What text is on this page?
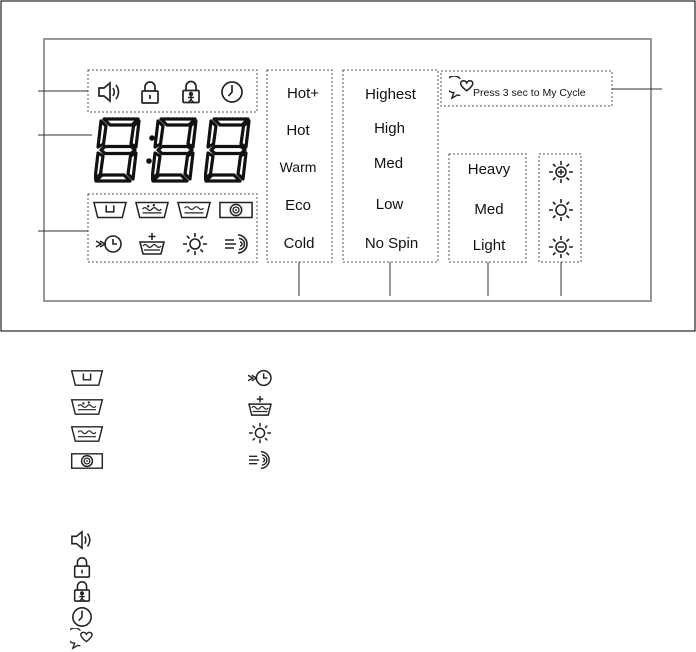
Hot+
Hot
Warm
Eco
Cold
Highest
High
Med
Low
No Spin
Heavy
Med
Light
Press 3 sec to My Cycle
